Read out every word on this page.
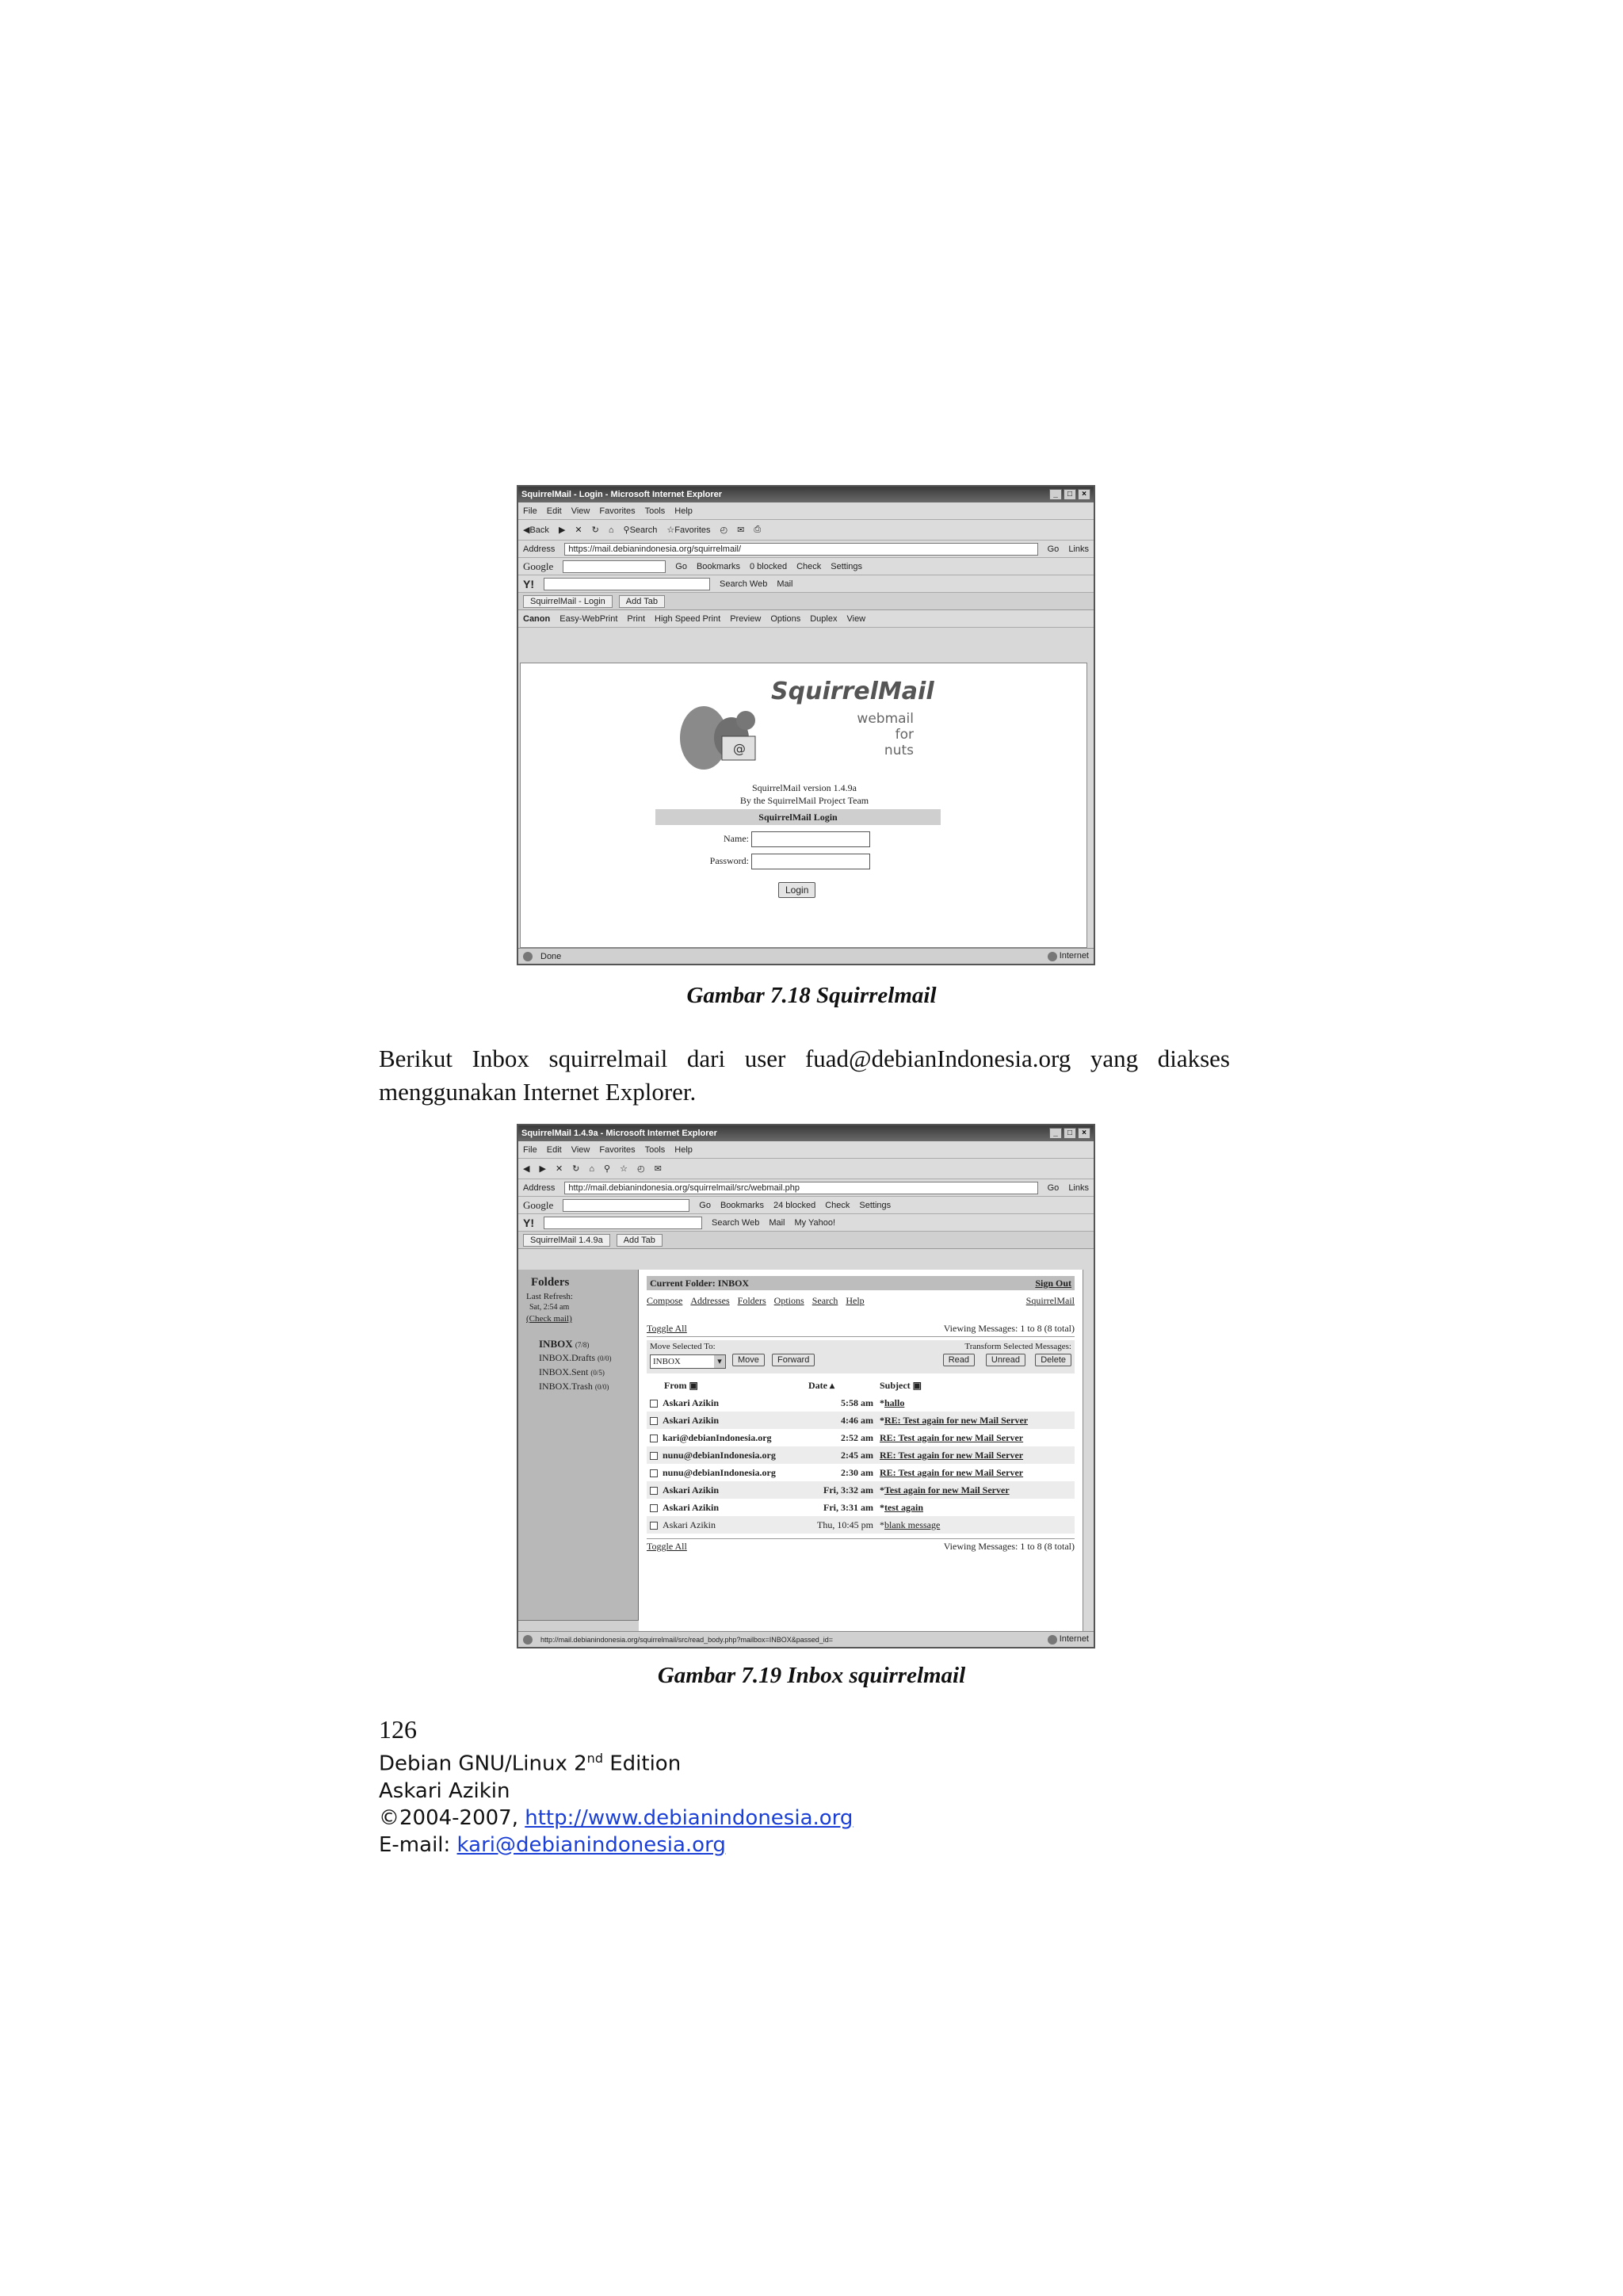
SquirrelMail - Login - Microsoft Internet Explorer	_	□	×
File Edit View Favorites Tools Help
◀Back ▶ ✕ ↻ ⌂ ⚲Search ☆Favorites ◴ ✉ ⎙
Address	https://mail.debianindonesia.org/squirrelmail/	Go Links
Google	Go Bookmarks 0 blocked Check Settings
Y!	Search Web Mail
SquirrelMail - Login	Add Tab
Canon Easy-WebPrint Print High Speed Print Preview Options Duplex View
@
SquirrelMail
webmail
for
nuts
SquirrelMail version 1.4.9a
By the SquirrelMail Project Team
SquirrelMail Login
Name:
Password:
Login
Done	Internet
Gambar 7.18 Squirrelmail
Berikut Inbox squirrelmail dari user fuad@debianIndonesia.org yang diakses menggunakan Internet Explorer.
SquirrelMail 1.4.9a - Microsoft Internet Explorer	_	□	×
File Edit View Favorites Tools Help
◀ ▶ ✕ ↻ ⌂ ⚲ ☆ ◴ ✉
Address	http://mail.debianindonesia.org/squirrelmail/src/webmail.php	Go Links
Google	Go Bookmarks 24 blocked Check Settings
Y!	Search Web Mail My Yahoo!
SquirrelMail 1.4.9a	Add Tab
Folders
Last Refresh:
Sat, 2:54 am
(Check mail)
INBOX (7/8)
INBOX.Drafts (0/0)
INBOX.Sent (0/5)
INBOX.Trash (0/0)
Current Folder: INBOX	Sign Out
Compose Addresses Folders Options Search Help	SquirrelMail
Toggle All	Viewing Messages: 1 to 8 (8 total)
Move Selected To:	Transform Selected Messages:
INBOX	▾	Move	Forward	Read	Unread	Delete
From ▣	Date ▴	Subject ▣
Askari Azikin	5:58 am	*hallo
Askari Azikin	4:46 am	*RE: Test again for new Mail Server
kari@debianIndonesia.org	2:52 am	RE: Test again for new Mail Server
nunu@debianIndonesia.org	2:45 am	RE: Test again for new Mail Server
nunu@debianIndonesia.org	2:30 am	RE: Test again for new Mail Server
Askari Azikin	Fri, 3:32 am	*Test again for new Mail Server
Askari Azikin	Fri, 3:31 am	*test again
Askari Azikin	Thu, 10:45 pm	*blank message
Toggle All	Viewing Messages: 1 to 8 (8 total)
http://mail.debianindonesia.org/squirrelmail/src/read_body.php?mailbox=INBOX&passed_id=	Internet
Gambar 7.19 Inbox squirrelmail
126
Debian GNU/Linux 2nd Edition
Askari Azikin
©2004-2007, http://www.debianindonesia.org
E-mail: kari@debianindonesia.org
